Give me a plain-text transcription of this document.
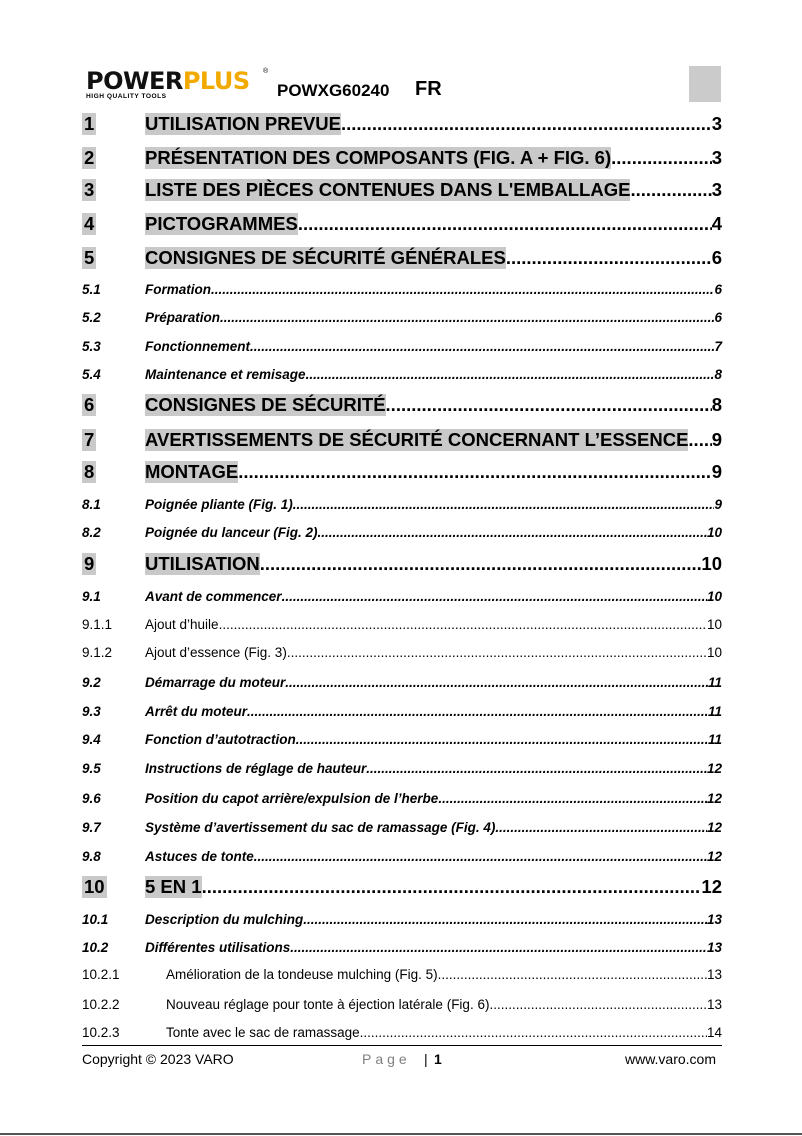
POWERPLUS ®
HIGH QUALITY TOOLS	POWXG60240 FR
1	UTILISATION PREVUE .....	3
2	PRÉSENTATION DES COMPOSANTS (FIG. A + FIG. 6) .....	3
3	LISTE DES PIÈCES CONTENUES DANS L'EMBALLAGE .....	3
4	PICTOGRAMMES .....	4
5	CONSIGNES DE SÉCURITÉ GÉNÉRALES .....	6
5.1	Formation .....	6
5.2	Préparation .....	6
5.3	Fonctionnement .....	7
5.4	Maintenance et remisage .....	8
6	CONSIGNES DE SÉCURITÉ .....	8
7	AVERTISSEMENTS DE SÉCURITÉ CONCERNANT L’ESSENCE ..... 9
8	MONTAGE .....	9
8.1	Poignée pliante (Fig. 1) .....	9
8.2	Poignée du lanceur (Fig. 2) .....	10
9	UTILISATION .....	10
9.1	Avant de commencer .....	10
9.1.1 Ajout d’huile .....	10
9.1.2 Ajout d’essence (Fig. 3) .....	10
9.2	Démarrage du moteur .....	11
9.3	Arrêt du moteur .....	11
9.4	Fonction d’autotraction .....	11
9.5	Instructions de réglage de hauteur .....	12
9.6	Position du capot arrière/expulsion de l’herbe .....	12
9.7	Système d’avertissement du sac de ramassage (Fig. 4) .....	12
9.8	Astuces de tonte .....	12
10 5 EN 1 .....	12
10.1	Description du mulching .....	13
10.2	Différentes utilisations. .....	13
10.2.1	Amélioration de la tondeuse mulching (Fig. 5) .....	13
10.2.2	Nouveau réglage pour tonte à éjection latérale (Fig. 6) .....	13
10.2.3	Tonte avec le sac de ramassage .....	14
Copyright © 2023 VARO	Page | 1	www.varo.com
